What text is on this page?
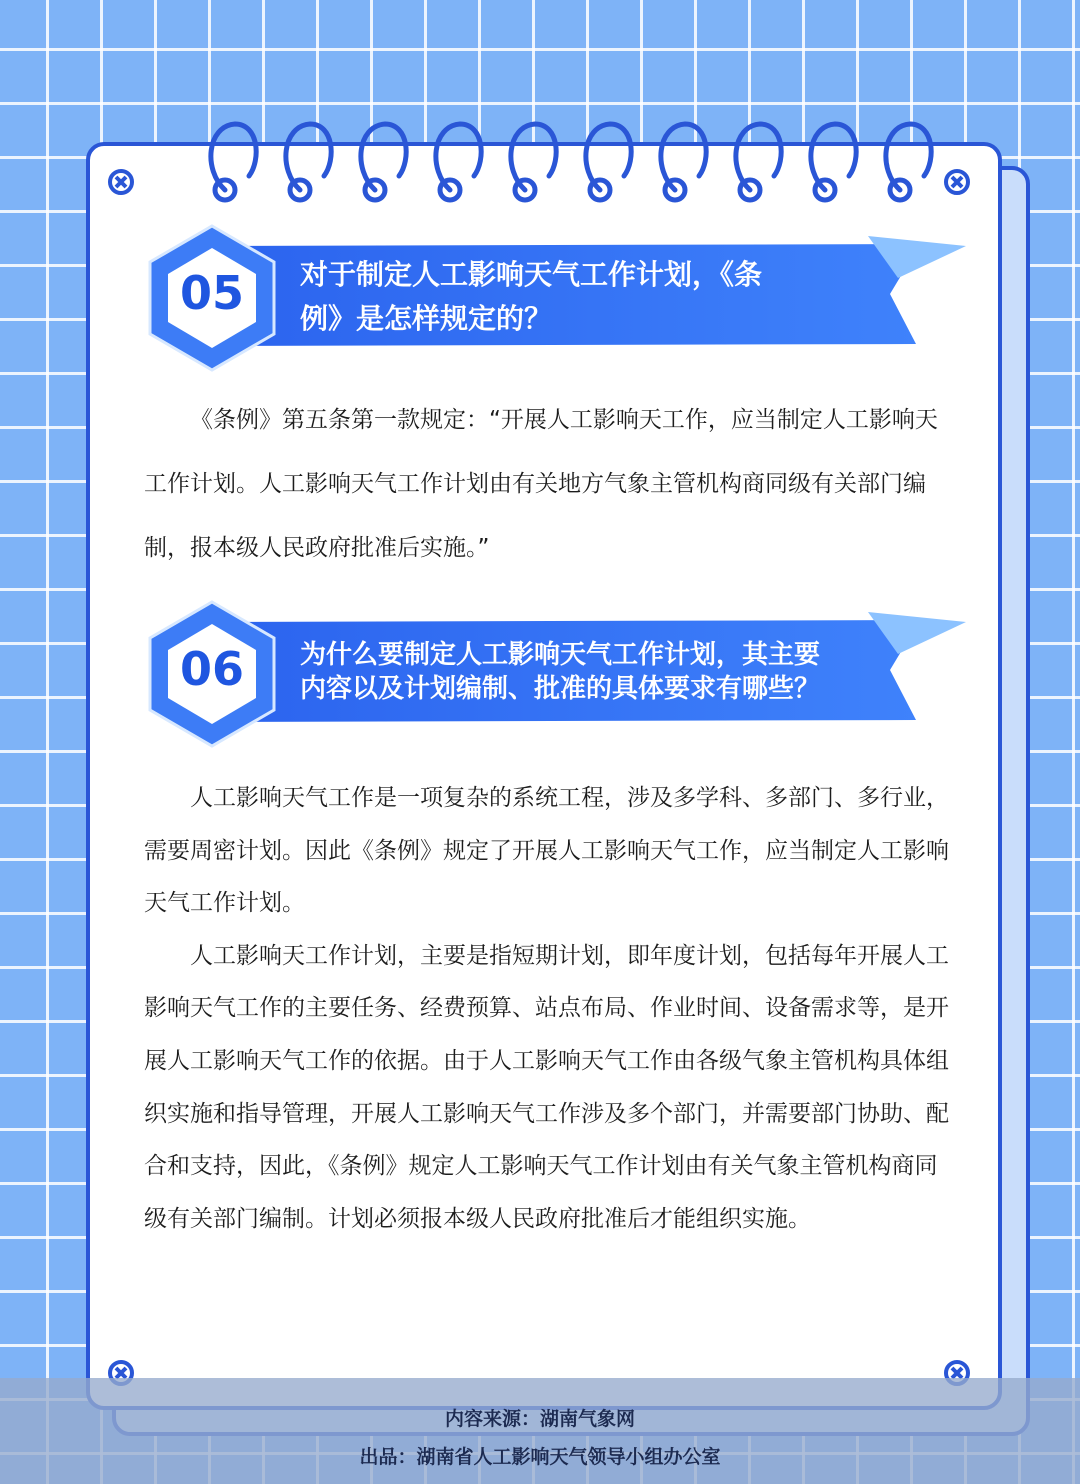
05	对于制定人工影响天气工作计划，《条
例》是怎样规定的？

《条例》第五条第一款规定：“开展人工影响天工作，应当制定人工影响天工作计划。人工影响天气工作计划由有关地方气象主管机构商同级有关部门编制，报本级人民政府批准后实施。”

06	为什么要制定人工影响天气工作计划，其主要
内容以及计划编制、批准的具体要求有哪些？

人工影响天气工作是一项复杂的系统工程，涉及多学科、多部门、多行业，需要周密计划。因此《条例》规定了开展人工影响天气工作，应当制定人工影响天气工作计划。

人工影响天工作计划，主要是指短期计划，即年度计划，包括每年开展人工影响天气工作的主要任务、经费预算、站点布局、作业时间、设备需求等，是开展人工影响天气工作的依据。由于人工影响天气工作由各级气象主管机构具体组织实施和指导管理，开展人工影响天气工作涉及多个部门，并需要部门协助、配合和支持，因此，《条例》规定人工影响天气工作计划由有关气象主管机构商同级有关部门编制。计划必须报本级人民政府批准后才能组织实施。

内容来源：湖南气象网
出品：湖南省人工影响天气领导小组办公室
